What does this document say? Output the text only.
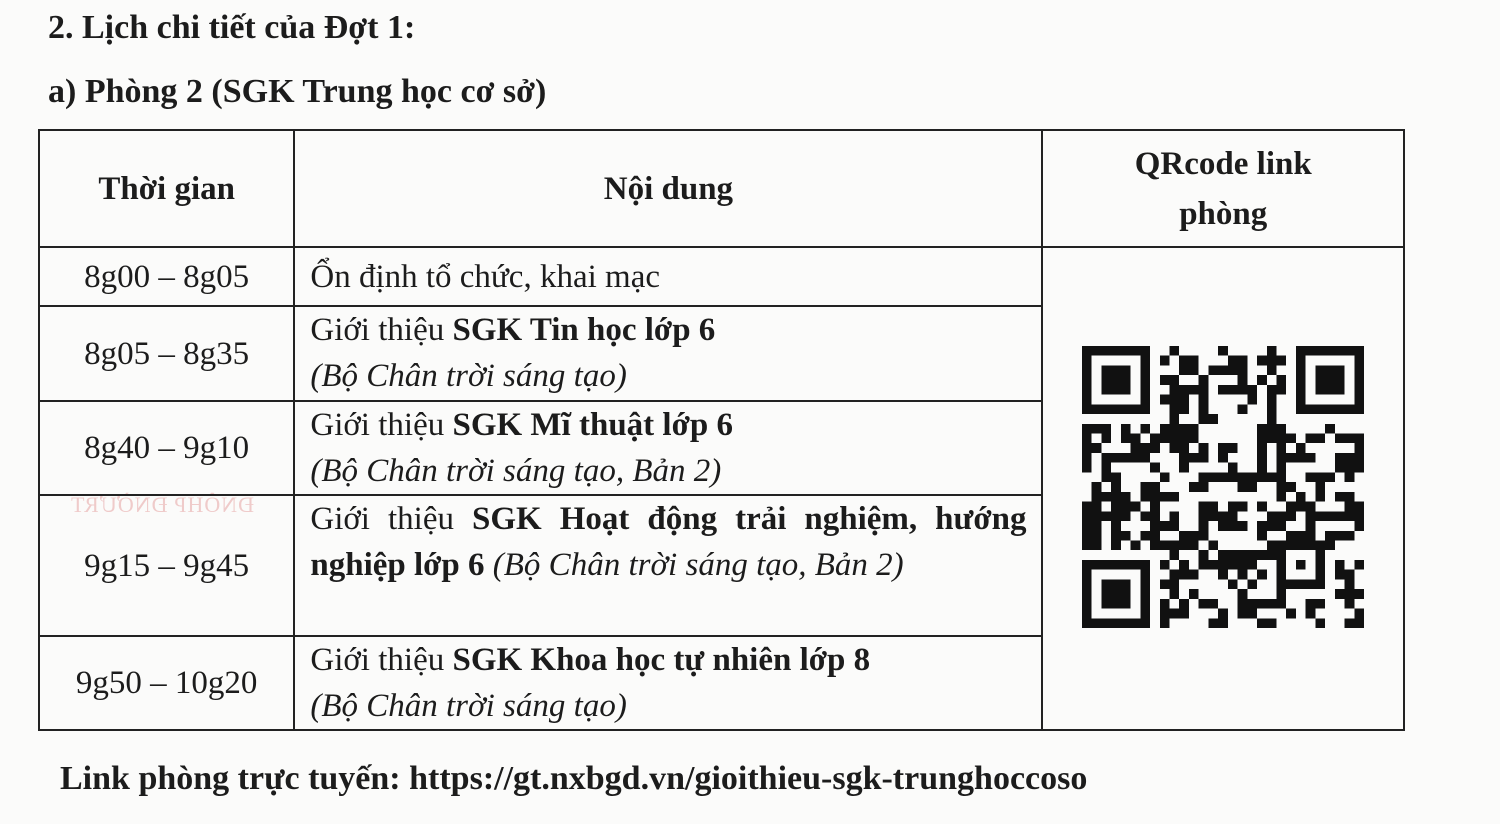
2. Lịch chi tiết của Đợt 1:
a) Phòng 2 (SGK Trung học cơ sở)
ĐNÔHP ĐNỜƯRT
Thời gian	Nội dung	QRcode link
phòng
8g00 – 8g05	Ổn định tổ chức, khai mạc	
8g05 – 8g35	Giới thiệu SGK Tin học lớp 6
(Bộ Chân trời sáng tạo)	
8g40 – 9g10	Giới thiệu SGK Mĩ thuật lớp 6
(Bộ Chân trời sáng tạo, Bản 2)	
9g15 – 9g45	Giới thiệu SGK Hoạt động trải nghiệm, hướng nghiệp lớp 6 (Bộ Chân trời sáng tạo, Bản 2)	
9g50 – 10g20	Giới thiệu SGK Khoa học tự nhiên lớp 8
(Bộ Chân trời sáng tạo)	
Link phòng trực tuyến: https://gt.nxbgd.vn/gioithieu-sgk-trunghoccoso
